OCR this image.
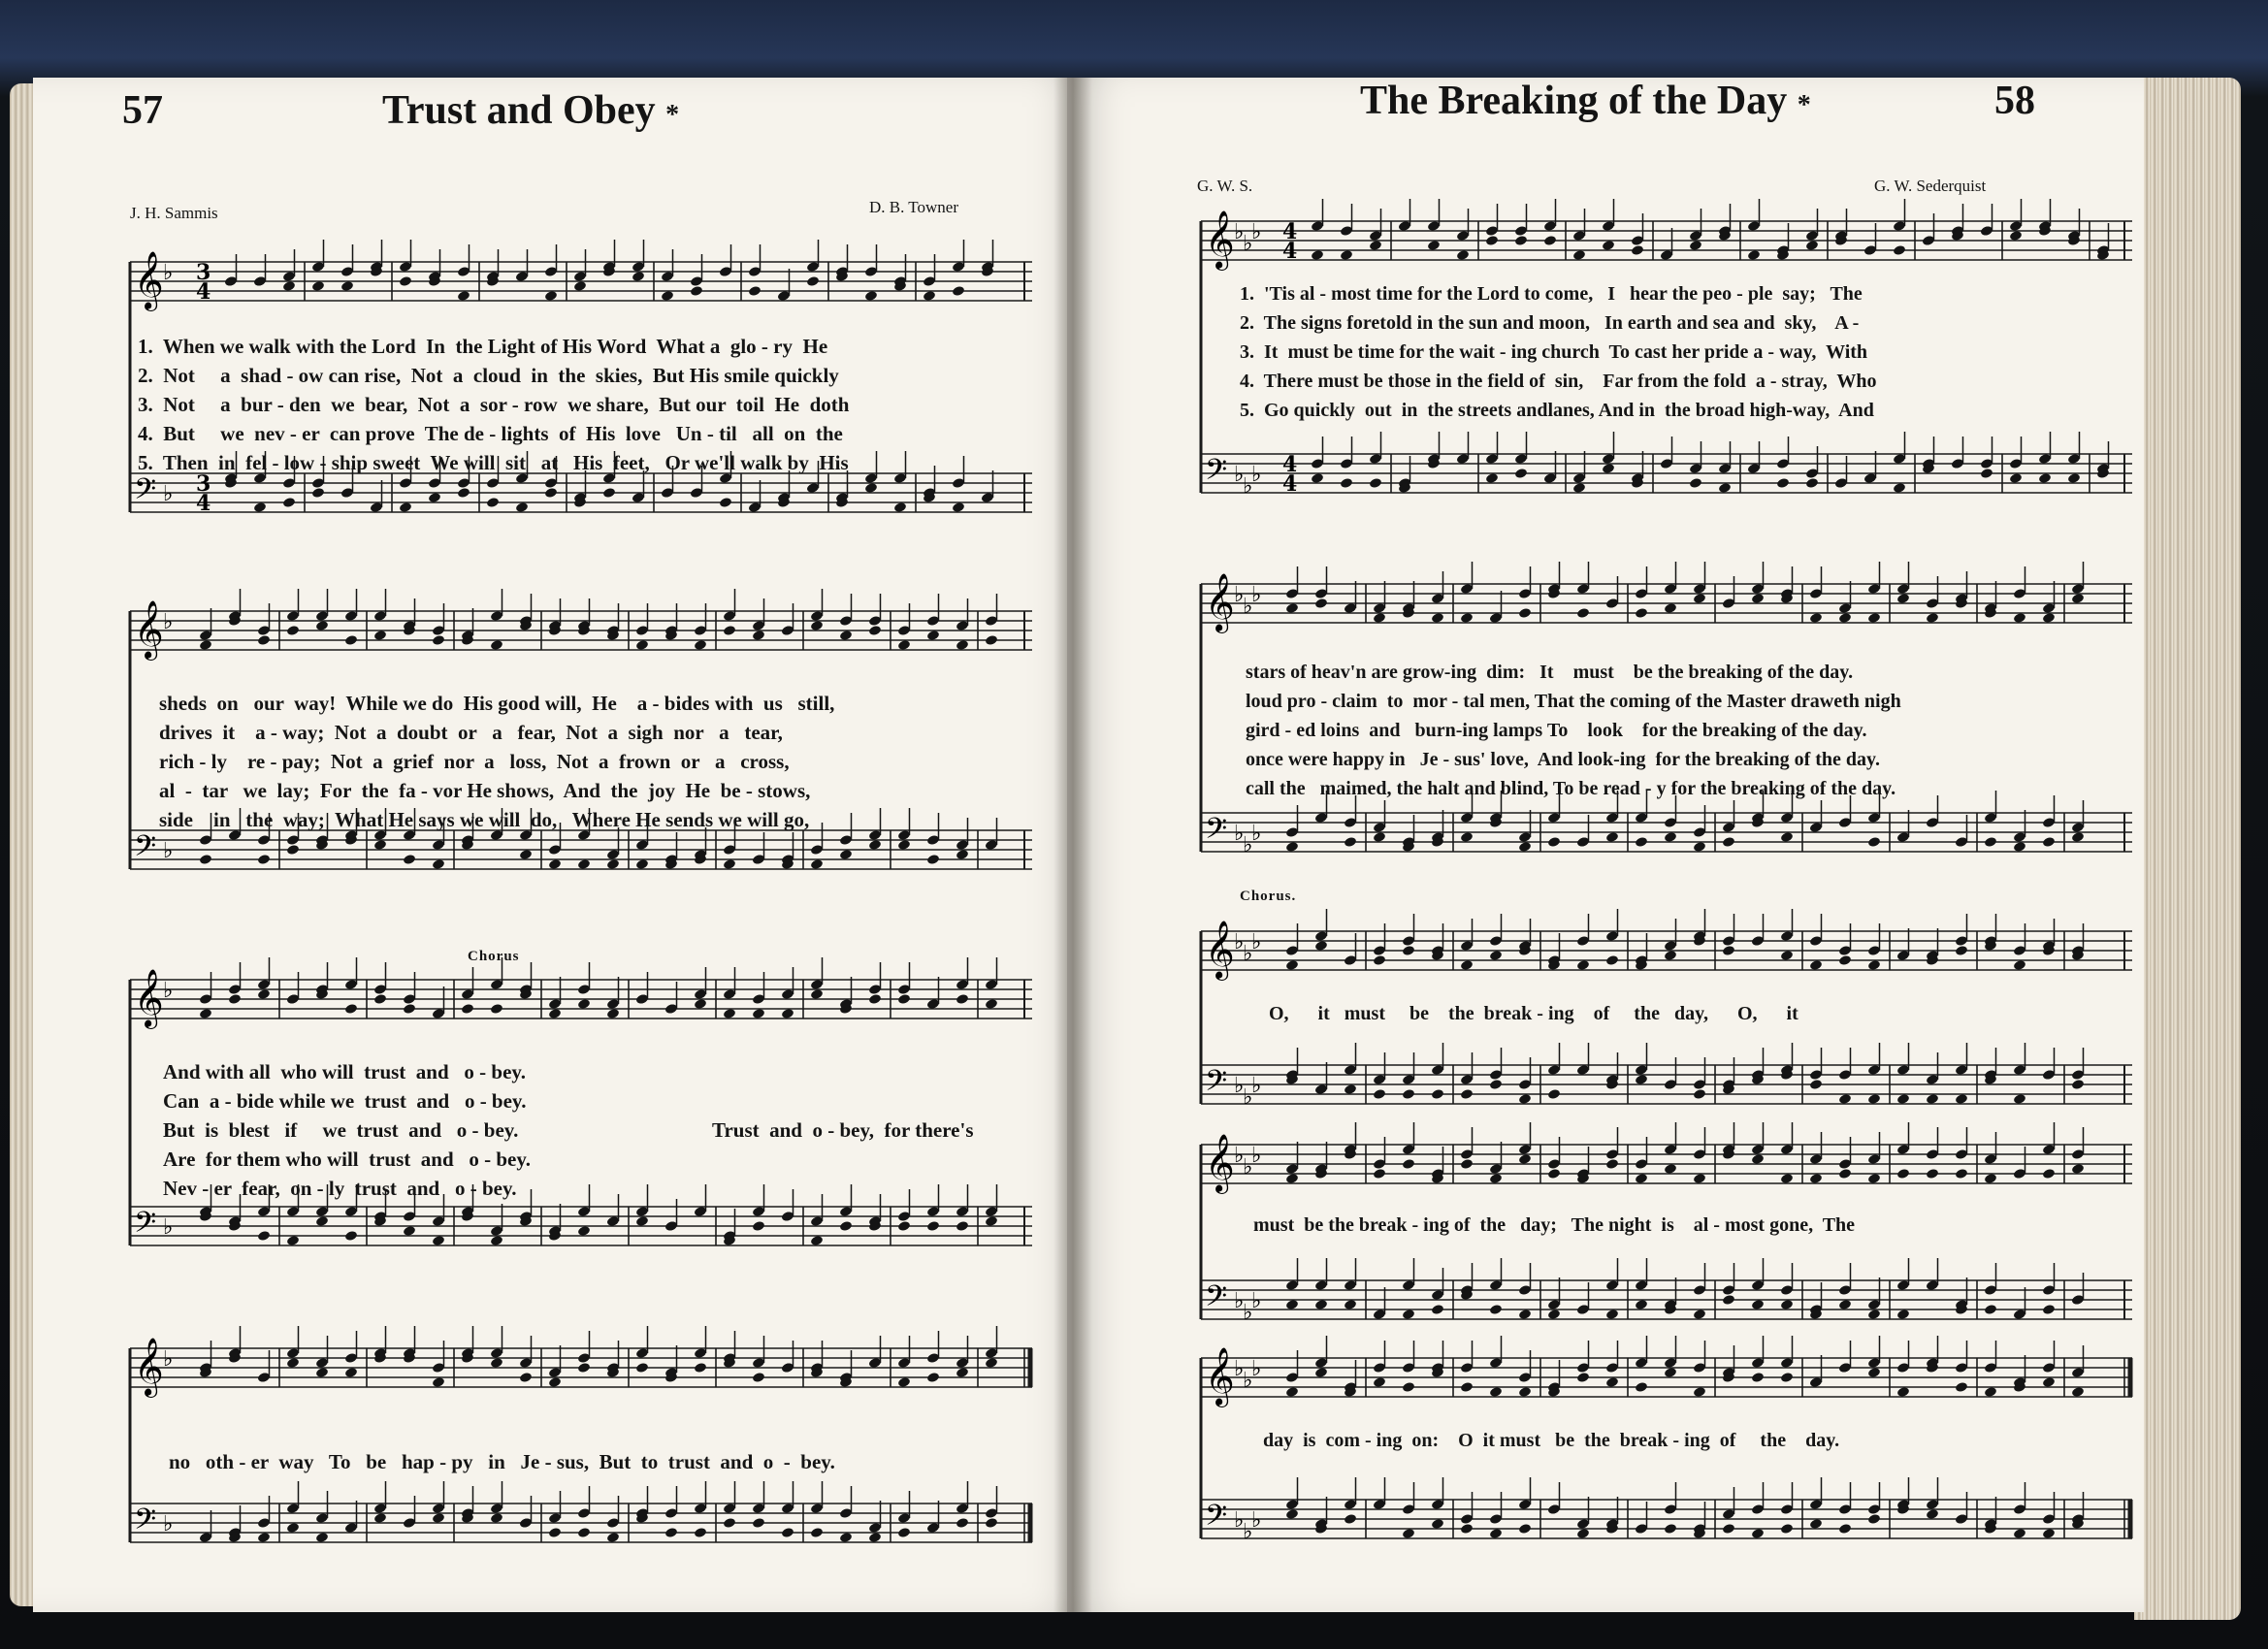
57	Trust and Obey *
J. H. Sammis	D. B. Towner
𝄞
𝄢
♭
♭
3
4
3
4
1.  When we walk with the Lord  In  the Light of His Word  What a  glo - ry  He
2.  Not     a  shad - ow can rise,  Not  a  cloud  in  the  skies,  But His smile quickly
3.  Not     a  bur - den  we  bear,  Not  a  sor - row  we share,  But our  toil  He  doth
4.  But     we  nev - er  can prove  The de - lights  of  His  love   Un - til   all  on  the
5.  Then  in  fel - low - ship sweet  We will  sit   at   His  feet,   Or we'll walk by  His
𝄞
𝄢
♭
♭
sheds  on   our  way!  While we do  His good will,  He    a - bides with  us   still,
drives  it    a - way;  Not  a  doubt  or   a   fear,  Not  a  sigh  nor   a   tear,
rich - ly    re - pay;  Not  a  grief  nor  a   loss,  Not  a  frown  or   a   cross,
al  -  tar   we  lay;  For  the  fa - vor He shows,  And  the  joy  He  be - stows,
side    in   the  way;  What He says we will  do,   Where He sends we will go,
Chorus
𝄞
𝄢
♭
♭
And with all  who will  trust  and   o - bey.
Can  a - bide while we  trust  and   o - bey.
But  is  blest   if     we  trust  and   o - bey.
Are  for them who will  trust  and   o - bey.
Nev - er  fear,  on - ly  trust  and   o - bey.
Trust  and  o - bey,  for there's
𝄞
𝄢
♭
♭
no   oth - er  way   To   be   hap - py   in   Je - sus,  But  to  trust  and  o  -  bey.
The Breaking of the Day *	58
G. W. S.	G. W. Sederquist
𝄞
𝄢
♭
♭
♭
♭
♭
♭
4
4
4
4
1.  'Tis al - most time for the Lord to come,   I   hear the peo - ple  say;   The
2.  The signs foretold in the sun and moon,   In earth and sea and  sky,    A -
3.  It  must be time for the wait - ing church  To cast her pride a - way,  With
4.  There must be those in the field of  sin,    Far from the fold  a - stray,  Who
5.  Go quickly  out  in  the streets andlanes, And in  the broad high-way,  And
𝄞
𝄢
♭
♭
♭
♭
♭
♭
stars of heav'n are grow-ing  dim:   It    must    be the breaking of the day.
loud pro - claim  to  mor - tal men, That the coming of the Master draweth nigh
gird - ed loins  and   burn-ing lamps To    look    for the breaking of the day.
once were happy in   Je - sus' love,  And look-ing  for the breaking of the day.
call the   maimed, the halt and blind, To be read - y for the breaking of the day.
Chorus.
𝄞
𝄢
♭
♭
♭
♭
♭
♭
O,      it   must     be    the  break - ing    of     the   day,      O,      it
𝄞
𝄢
♭
♭
♭
♭
♭
♭
must  be the break - ing of  the   day;   The night  is    al - most gone,  The
𝄞
𝄢
♭
♭
♭
♭
♭
♭
day  is  com - ing  on:    O  it must   be  the  break - ing  of     the    day.
